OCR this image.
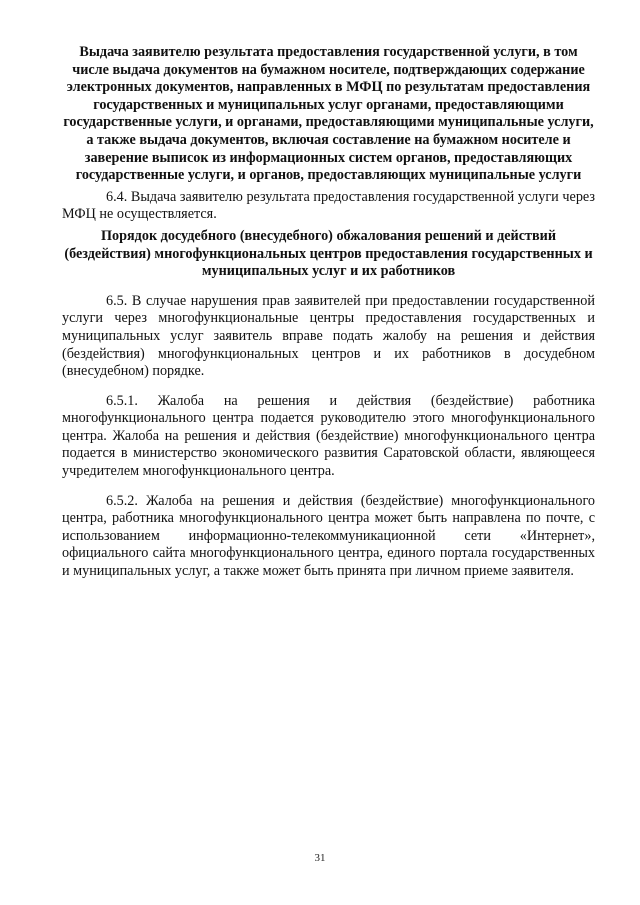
Выдача заявителю результата предоставления государственной услуги, в том числе выдача документов на бумажном носителе, подтверждающих содержание электронных документов, направленных в МФЦ по результатам предоставления государственных и муниципальных услуг органами, предоставляющими государственные услуги, и органами, предоставляющими муниципальные услуги, а также выдача документов, включая составление на бумажном носителе и заверение выписок из информационных систем органов, предоставляющих государственные услуги, и органов, предоставляющих муниципальные услуги

6.4. Выдача заявителю результата предоставления государственной услуги через МФЦ не осуществляется.

Порядок досудебного (внесудебного) обжалования решений и действий (бездействия) многофункциональных центров предоставления государственных и муниципальных услуг и их работников

6.5. В случае нарушения прав заявителей при предоставлении государственной услуги через многофункциональные центры предоставления государственных и муниципальных услуг заявитель вправе подать жалобу на решения и действия (бездействия) многофункциональных центров и их работников в досудебном (внесудебном) порядке.

6.5.1. Жалоба на решения и действия (бездействие) работника многофункционального центра подается руководителю этого многофункционального центра. Жалоба на решения и действия (бездействие) многофункционального центра подается в министерство экономического развития Саратовской области, являющееся учредителем многофункционального центра.

6.5.2. Жалоба на решения и действия (бездействие) многофункционального центра, работника многофункционального центра может быть направлена по почте, с использованием информационно-телекоммуникационной сети «Интернет», официального сайта многофункционального центра, единого портала государственных и муниципальных услуг, а также может быть принята при личном приеме заявителя.

31
